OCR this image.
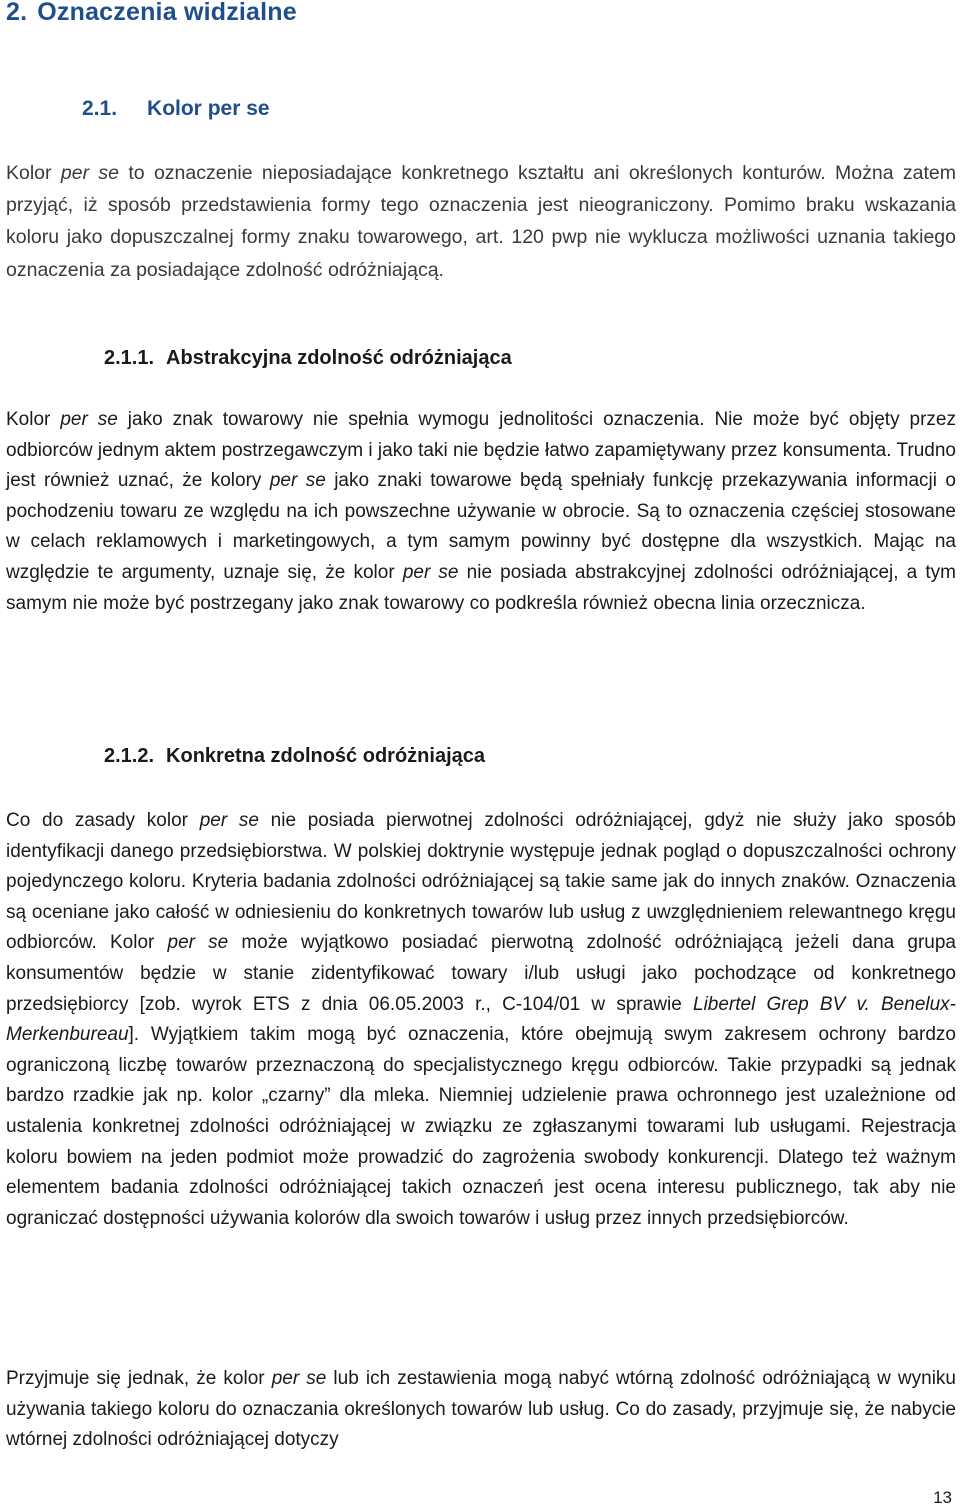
2. Oznaczenia widzialne
2.1. Kolor per se

Kolor per se to oznaczenie nieposiadające konkretnego kształtu ani określonych konturów. Można zatem przyjąć, iż sposób przedstawienia formy tego oznaczenia jest nieograniczony. Pomimo braku wskazania koloru jako dopuszczalnej formy znaku towarowego, art. 120 pwp nie wyklucza możliwości uznania takiego oznaczenia za posiadające zdolność odróżniającą.

2.1.1. Abstrakcyjna zdolność odróżniająca

Kolor per se jako znak towarowy nie spełnia wymogu jednolitości oznaczenia. Nie może być objęty przez odbiorców jednym aktem postrzegawczym i jako taki nie będzie łatwo zapamiętywany przez konsumenta. Trudno jest również uznać, że kolory per se jako znaki towarowe będą spełniały funkcję przekazywania informacji o pochodzeniu towaru ze względu na ich powszechne używanie w obrocie. Są to oznaczenia częściej stosowane w celach reklamowych i marketingowych, a tym samym powinny być dostępne dla wszystkich. Mając na względzie te argumenty, uznaje się, że kolor per se nie posiada abstrakcyjnej zdolności odróżniającej, a tym samym nie może być postrzegany jako znak towarowy co podkreśla również obecna linia orzecznicza.

2.1.2. Konkretna zdolność odróżniająca

Co do zasady kolor per se nie posiada pierwotnej zdolności odróżniającej, gdyż nie służy jako sposób identyfikacji danego przedsiębiorstwa. W polskiej doktrynie występuje jednak pogląd o dopuszczalności ochrony pojedynczego koloru. Kryteria badania zdolności odróżniającej są takie same jak do innych znaków. Oznaczenia są oceniane jako całość w odniesieniu do konkretnych towarów lub usług z uwzględnieniem relewantnego kręgu odbiorców. Kolor per se może wyjątkowo posiadać pierwotną zdolność odróżniającą jeżeli dana grupa konsumentów będzie w stanie zidentyfikować towary i/lub usługi jako pochodzące od konkretnego przedsiębiorcy [zob. wyrok ETS z dnia 06.05.2003 r., C-104/01 w sprawie Libertel Grep BV v. Benelux-Merkenbureau]. Wyjątkiem takim mogą być oznaczenia, które obejmują swym zakresem ochrony bardzo ograniczoną liczbę towarów przeznaczoną do specjalistycznego kręgu odbiorców. Takie przypadki są jednak bardzo rzadkie jak np. kolor „czarny” dla mleka. Niemniej udzielenie prawa ochronnego jest uzależnione od ustalenia konkretnej zdolności odróżniającej w związku ze zgłaszanymi towarami lub usługami. Rejestracja koloru bowiem na jeden podmiot może prowadzić do zagrożenia swobody konkurencji. Dlatego też ważnym elementem badania zdolności odróżniającej takich oznaczeń jest ocena interesu publicznego, tak aby nie ograniczać dostępności używania kolorów dla swoich towarów i usług przez innych przedsiębiorców.

Przyjmuje się jednak, że kolor per se lub ich zestawienia mogą nabyć wtórną zdolność odróżniającą w wyniku używania takiego koloru do oznaczania określonych towarów lub usług. Co do zasady, przyjmuje się, że nabycie wtórnej zdolności odróżniającej dotyczy

13
